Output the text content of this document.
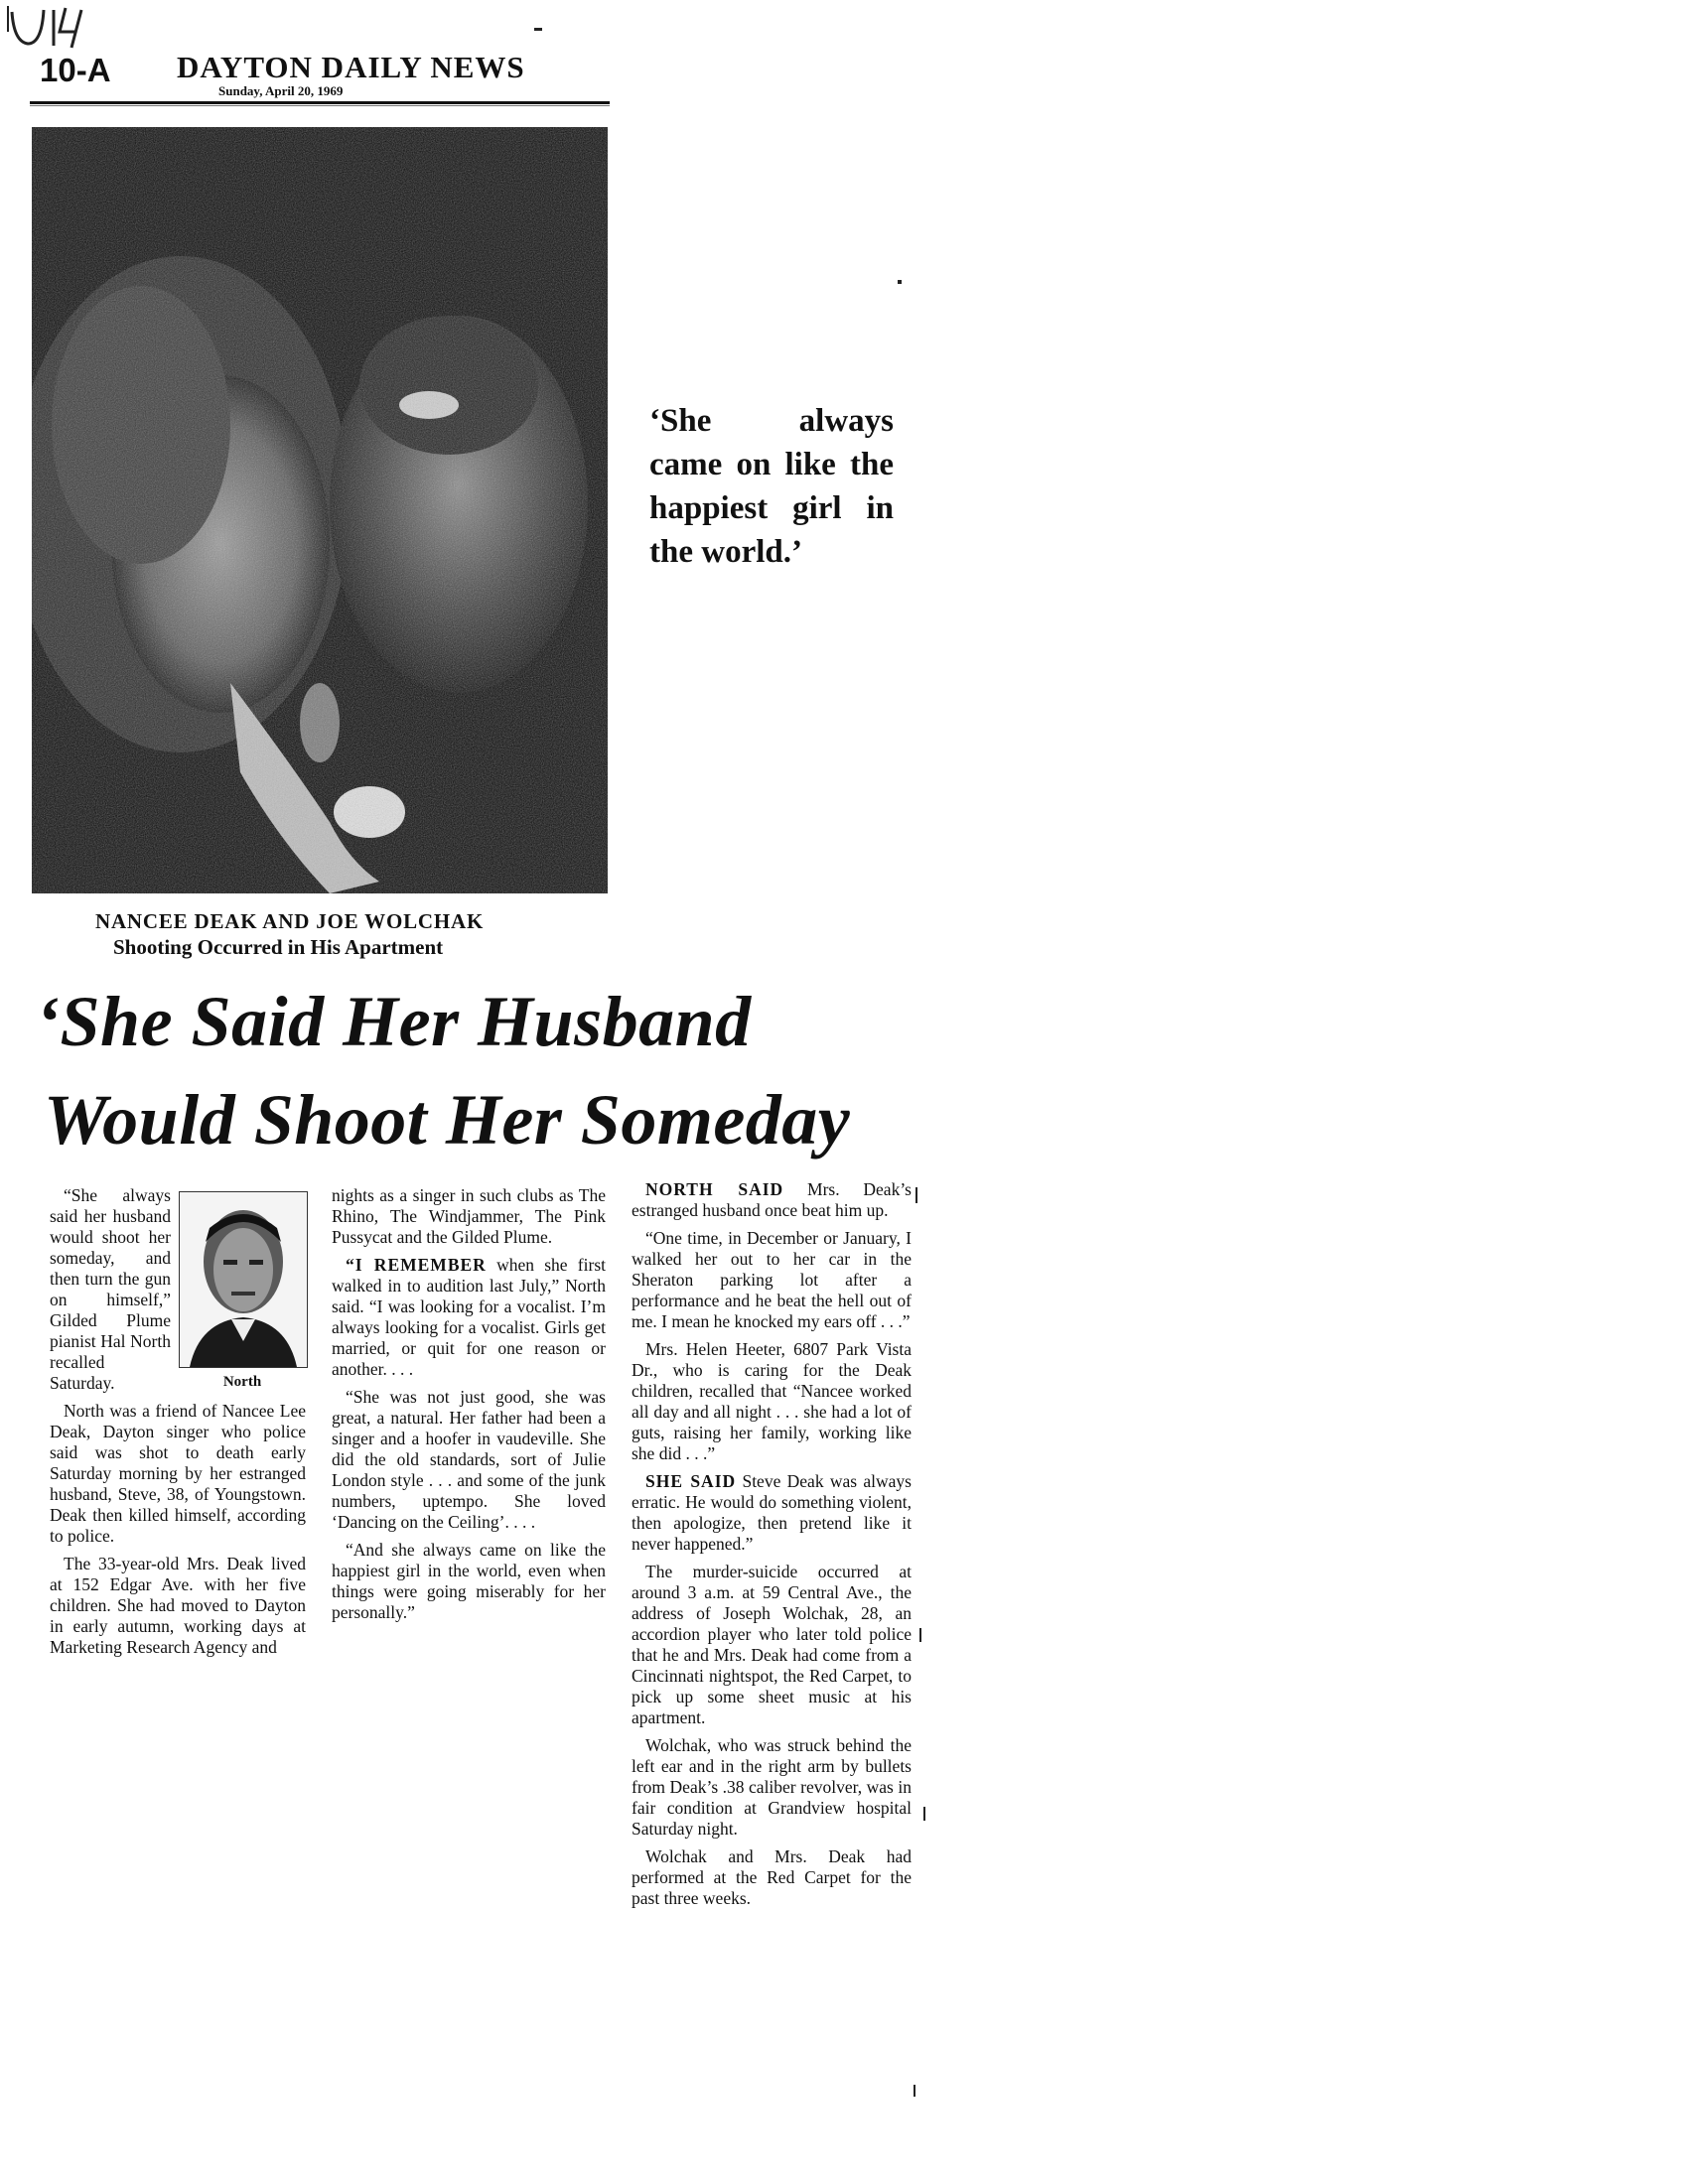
10-A DAYTON DAILY NEWS
Sunday, April 20, 1969
NANCEE DEAK AND JOE WOLCHAK
Shooting Occurred in His Apartment
‘She always came on like the happiest girl in the world.’
‘She Said Her Husband
Would Shoot Her Someday
North

“She always said her husband would shoot her someday, and then turn the gun on himself,” Gilded Plume pianist Hal North recalled Saturday.

North was a friend of Nancee Lee Deak, Dayton singer who police said was shot to death early Saturday morning by her estranged husband, Steve, 38, of Youngstown. Deak then killed himself, according to police.

The 33-year-old Mrs. Deak lived at 152 Edgar Ave. with her five children. She had moved to Dayton in early autumn, working days at Marketing Research Agency and

nights as a singer in such clubs as The Rhino, The Windjammer, The Pink Pussycat and the Gilded Plume.

“I REMEMBER when she first walked in to audition last July,” North said. “I was looking for a vocalist. I’m always looking for a vocalist. Girls get married, or quit for one reason or another. . . .

“She was not just good, she was great, a natural. Her father had been a singer and a hoofer in vaudeville. She did the old standards, sort of Julie London style . . . and some of the junk numbers, uptempo. She loved ‘Dancing on the Ceiling’. . . .

“And she always came on like the happiest girl in the world, even when things were going miserably for her personally.”

NORTH SAID Mrs. Deak’s estranged husband once beat him up.

“One time, in December or January, I walked her out to her car in the Sheraton parking lot after a performance and he beat the hell out of me. I mean he knocked my ears off . . .”

Mrs. Helen Heeter, 6807 Park Vista Dr., who is caring for the Deak children, recalled that “Nancee worked all day and all night . . . she had a lot of guts, raising her family, working like she did . . .”

SHE SAID Steve Deak was always erratic. He would do something violent, then apologize, then pretend like it never happened.”

The murder-suicide occurred at around 3 a.m. at 59 Central Ave., the address of Joseph Wolchak, 28, an accordion player who later told police that he and Mrs. Deak had come from a Cincinnati nightspot, the Red Carpet, to pick up some sheet music at his apartment.

Wolchak, who was struck behind the left ear and in the right arm by bullets from Deak’s .38 caliber revolver, was in fair condition at Grandview hospital Saturday night.

Wolchak and Mrs. Deak had performed at the Red Carpet for the past three weeks.
